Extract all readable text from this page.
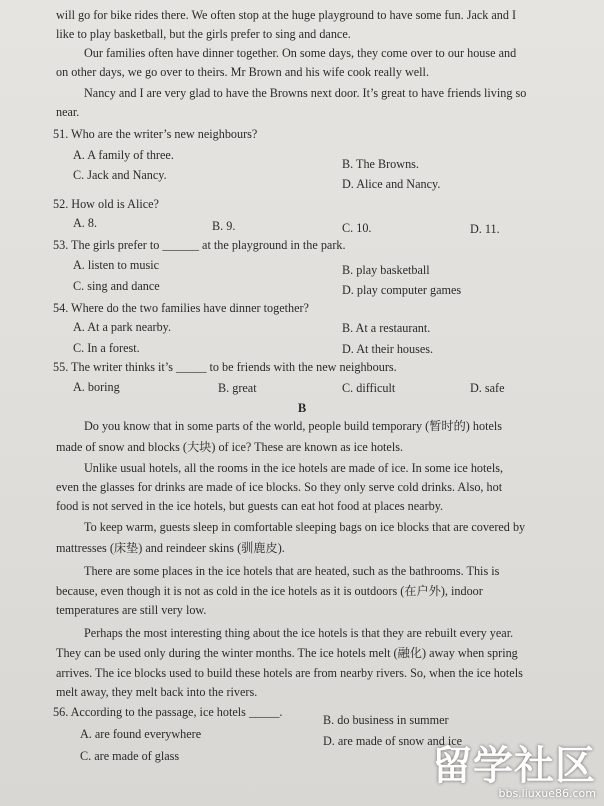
will go for bike rides there. We often stop at the huge playground to have some fun. Jack and I
like to play basketball, but the girls prefer to sing and dance.
Our families often have dinner together. On some days, they come over to our house and
on other days, we go over to theirs. Mr Brown and his wife cook really well.
Nancy and I are very glad to have the Browns next door. It’s great to have friends living so
near.
51. Who are the writer’s new neighbours?
A. A family of three.
B. The Browns.
C. Jack and Nancy.
D. Alice and Nancy.
52. How old is Alice?
A. 8.	B. 9.	C. 10.	D. 11.
53. The girls prefer to ______ at the playground in the park.
A. listen to music	B. play basketball
C. sing and dance	D. play computer games
54. Where do the two families have dinner together?
A. At a park nearby.	B. At a restaurant.
C. In a forest.	D. At their houses.
55. The writer thinks it’s _____ to be friends with the new neighbours.
A. boring	B. great	C. difficult	D. safe
B
Do you know that in some parts of the world, people build temporary (暂时的) hotels
made of snow and blocks (大块) of ice? These are known as ice hotels.
Unlike usual hotels, all the rooms in the ice hotels are made of ice. In some ice hotels,
even the glasses for drinks are made of ice blocks. So they only serve cold drinks. Also, hot
food is not served in the ice hotels, but guests can eat hot food at places nearby.
To keep warm, guests sleep in comfortable sleeping bags on ice blocks that are covered by
mattresses (床垫) and reindeer skins (驯鹿皮).
There are some places in the ice hotels that are heated, such as the bathrooms. This is
because, even though it is not as cold in the ice hotels as it is outdoors (在户外), indoor
temperatures are still very low.
Perhaps the most interesting thing about the ice hotels is that they are rebuilt every year.
They can be used only during the winter months. The ice hotels melt (融化) away when spring
arrives. The ice blocks used to build these hotels are from nearby rivers. So, when the ice hotels
melt away, they melt back into the rivers.
56. According to the passage, ice hotels _____.
A. are found everywhere
B. do business in summer
C. are made of glass
D. are made of snow and ice
留学社区
bbs.liuxue86.com
